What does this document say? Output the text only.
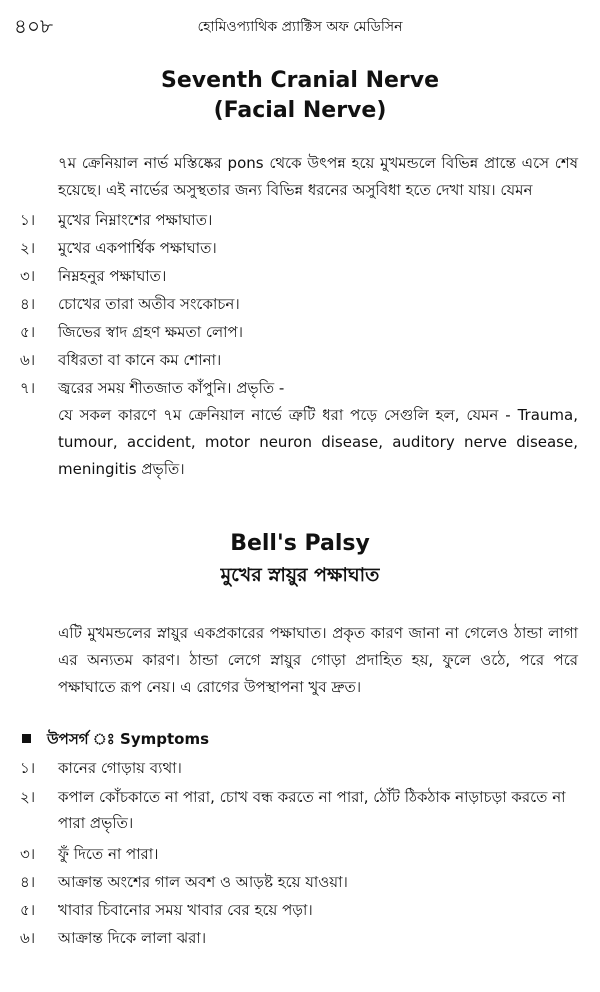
৪০৮	হোমিওপ্যাথিক প্র্যাক্টিস অফ মেডিসিন
Seventh Cranial Nerve
(Facial Nerve)

৭ম ক্রেনিয়াল নার্ভ মস্তিষ্কের pons থেকে উৎপন্ন হয়ে মুখমন্ডলে বিভিন্ন প্রান্তে এসে শেষ হয়েছে। এই নার্ভের অসুস্থতার জন্য বিভিন্ন ধরনের অসুবিধা হতে দেখা যায়। যেমন

১। মুখের নিম্নাংশের পক্ষাঘাত।
২। মুখের একপার্শ্বিক পক্ষাঘাত।
৩। নিম্নহনুর পক্ষাঘাত।
৪। চোখের তারা অতীব সংকোচন।
৫। জিভের স্বাদ গ্রহণ ক্ষমতা লোপ।
৬। বধিরতা বা কানে কম শোনা।
৭। জ্বরের সময় শীতজাত কাঁপুনি। প্রভৃতি -

যে সকল কারণে ৭ম ক্রেনিয়াল নার্ভে ত্রুটি ধরা পড়ে সেগুলি হল, যেমন - Trauma, tumour, accident, motor neuron disease, auditory nerve disease, meningitis প্রভৃতি।

Bell's Palsy
মুখের স্নায়ুর পক্ষাঘাত

এটি মুখমন্ডলের স্নায়ুর একপ্রকারের পক্ষাঘাত। প্রকৃত কারণ জানা না গেলেও ঠান্ডা লাগা এর অন্যতম কারণ। ঠান্ডা লেগে স্নায়ুর গোড়া প্রদাহিত হয়, ফুলে ওঠে, পরে পরে পক্ষাঘাতে রূপ নেয়। এ রোগের উপস্থাপনা খুব দ্রুত।

উপসর্গ ঃ Symptoms
১। কানের গোড়ায় ব্যথা।
২। কপাল কোঁচকাতে না পারা, চোখ বন্ধ করতে না পারা, ঠোঁট ঠিকঠাক নাড়াচড়া করতে না পারা প্রভৃতি।
৩। ফুঁ দিতে না পারা।
৪। আক্রান্ত অংশের গাল অবশ ও আড়ষ্ট হয়ে যাওয়া।
৫। খাবার চিবানোর সময় খাবার বের হয়ে পড়া।
৬। আক্রান্ত দিকে লালা ঝরা।
